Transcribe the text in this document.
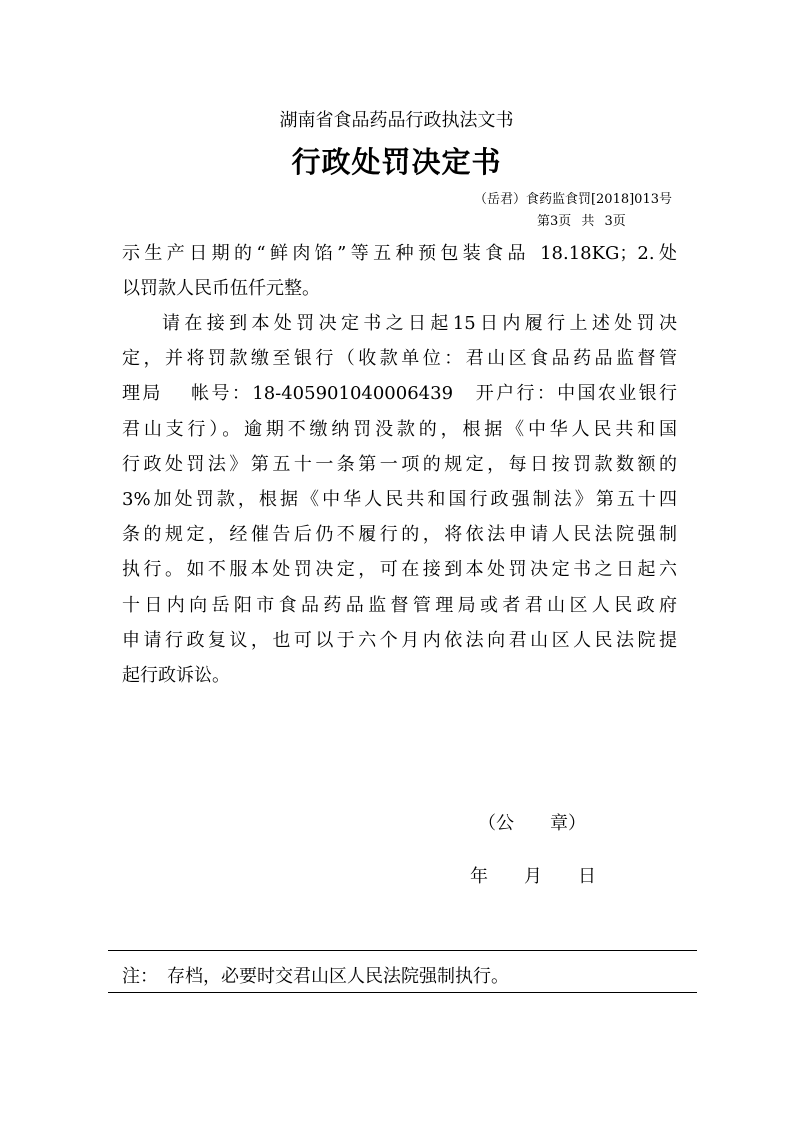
湖南省食品药品行政执法文书
行政处罚决定书
（岳君）食药监食罚[2018]013号
第3页 共 3页
示生产日期的“鲜肉馅”等五种预包装食品 18.18KG；2.处
以罚款人民币伍仟元整。
请在接到本处罚决定书之日起15日内履行上述处罚决
定，并将罚款缴至银行（收款单位：君山区食品药品监督管
理局　 帐号：18-405901040006439　开户行：中国农业银行
君山支行）。逾期不缴纳罚没款的，根据《中华人民共和国
行政处罚法》第五十一条第一项的规定，每日按罚款数额的
3%加处罚款，根据《中华人民共和国行政强制法》第五十四
条的规定，经催告后仍不履行的，将依法申请人民法院强制
执行。如不服本处罚决定，可在接到本处罚决定书之日起六
十日内向岳阳市食品药品监督管理局或者君山区人民政府
申请行政复议，也可以于六个月内依法向君山区人民法院提
起行政诉讼。
（公　　章）
年　　月　　日
注：　存档，必要时交君山区人民法院强制执行。
